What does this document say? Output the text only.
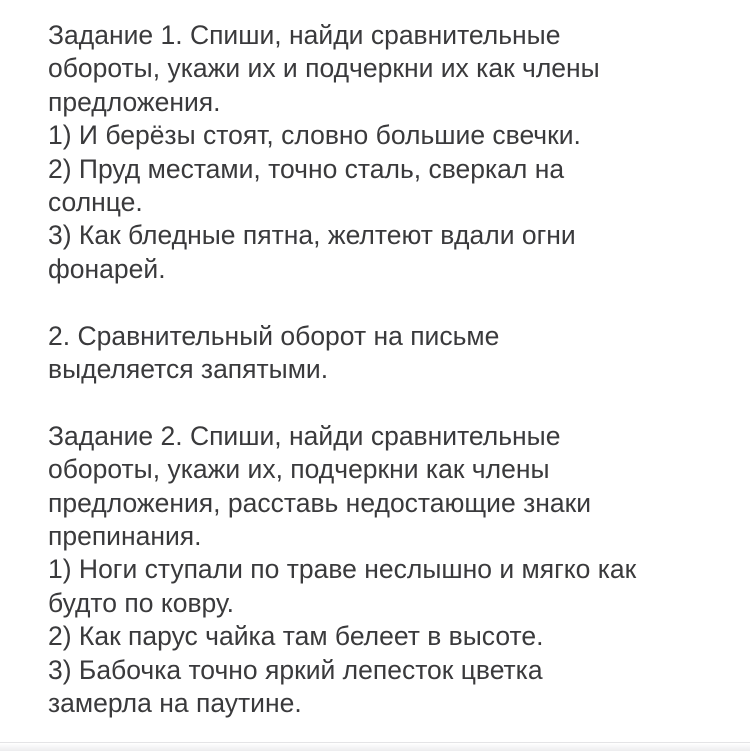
Задание 1. Спиши, найди сравнительные
обороты, укажи их и подчеркни их как члены
предложения.
1) И берёзы стоят, словно большие свечки.
2) Пруд местами, точно сталь, сверкал на
солнце.
3) Как бледные пятна, желтеют вдали огни
фонарей.
2. Сравнительный оборот на письме
выделяется запятыми.
Задание 2. Спиши, найди сравнительные
обороты, укажи их, подчеркни как члены
предложения, расставь недостающие знаки
препинания.
1) Ноги ступали по траве неслышно и мягко как
будто по ковру.
2) Как парус чайка там белеет в высоте.
3) Бабочка точно яркий лепесток цветка
замерла на паутине.
